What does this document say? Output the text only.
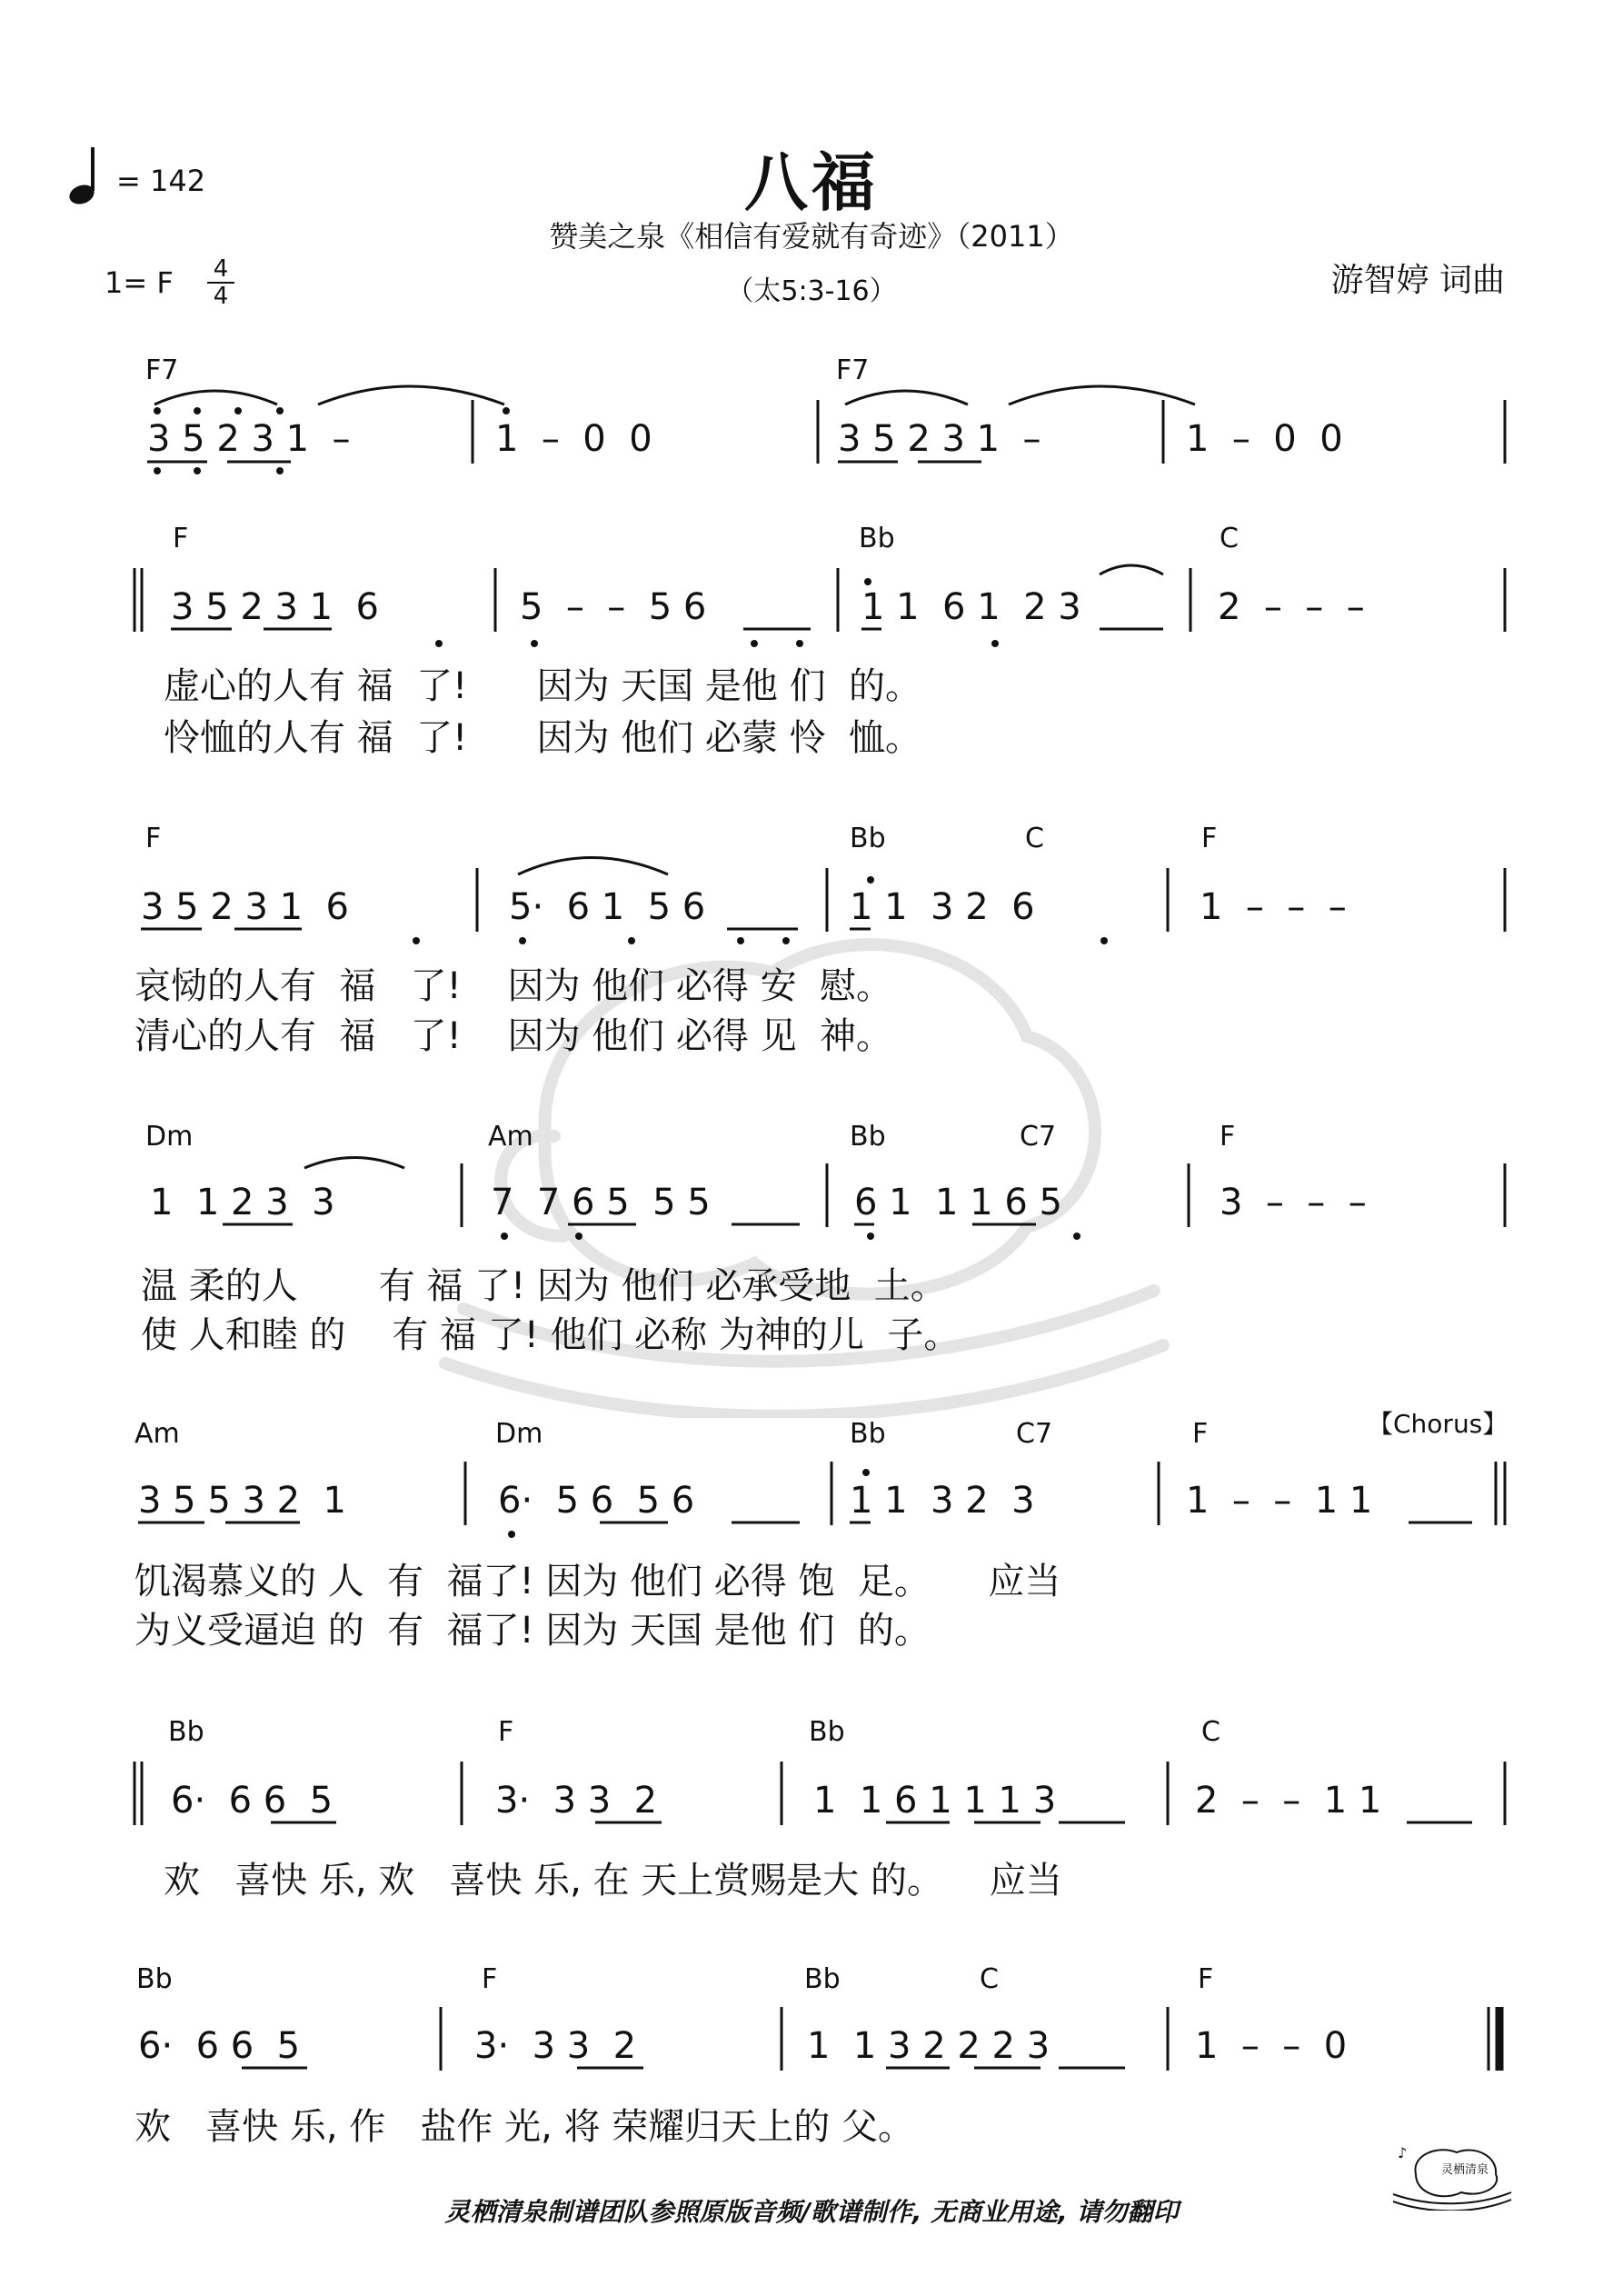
= 142	八福
赞美之泉《相信有爱就有奇迹》（2011）
（太5:3-16）	游智婷 词曲
1= F 4
4
F7	F7
3 5 2 3 1  –	1  –  0  0	3 5 2 3 1  –	1  –  0  0
F	Bb	C
3 5 2 3 1  6	5  –  –  5 6	1 1  6 1  2 3	2  –  –  –
虚心的人有 福  了!      因为 天国 是他 们  的。
怜恤的人有 福  了!      因为 他们 必蒙 怜  恤。
F	Bb	C	F
3 5 2 3 1  6	5·  6 1  5 6	1 1  3 2  6	1  –  –  –
哀恸的人有  福   了!    因为 他们 必得 安  慰。
清心的人有  福   了!    因为 他们 必得 见  神。
Dm	Am	Bb	C7	F
1  1 2 3  3	7  7 6 5  5 5	6 1  1 1 6 5	3  –  –  –
温 柔的人       有 福 了! 因为 他们 必承受地  土。
使 人和睦 的    有 福 了! 他们 必称 为神的儿  子。
Am	Dm	Bb	C7	F	【Chorus】
3 5 5 3 2  1	6·  5 6  5 6	1 1  3 2  3	1  –  –  1 1
饥渴慕义的 人  有  福了! 因为 他们 必得 饱  足。     应当
为义受逼迫 的  有  福了! 因为 天国 是他 们  的。
Bb	F	Bb	C
6·  6 6  5	3·  3 3  2	1  1 6 1 1 1 3	2  –  –  1 1
欢   喜快 乐, 欢   喜快 乐, 在 天上赏赐是大 的。    应当
Bb	F	Bb	C	F
6·  6 6  5	3·  3 3  2	1  1 3 2 2 2 3	1  –  –  0
欢   喜快 乐, 作   盐作 光, 将 荣耀归天上的 父。
灵栖清泉制谱团队参照原版音频/歌谱制作, 无商业用途, 请勿翻印
♪
灵栖清泉
